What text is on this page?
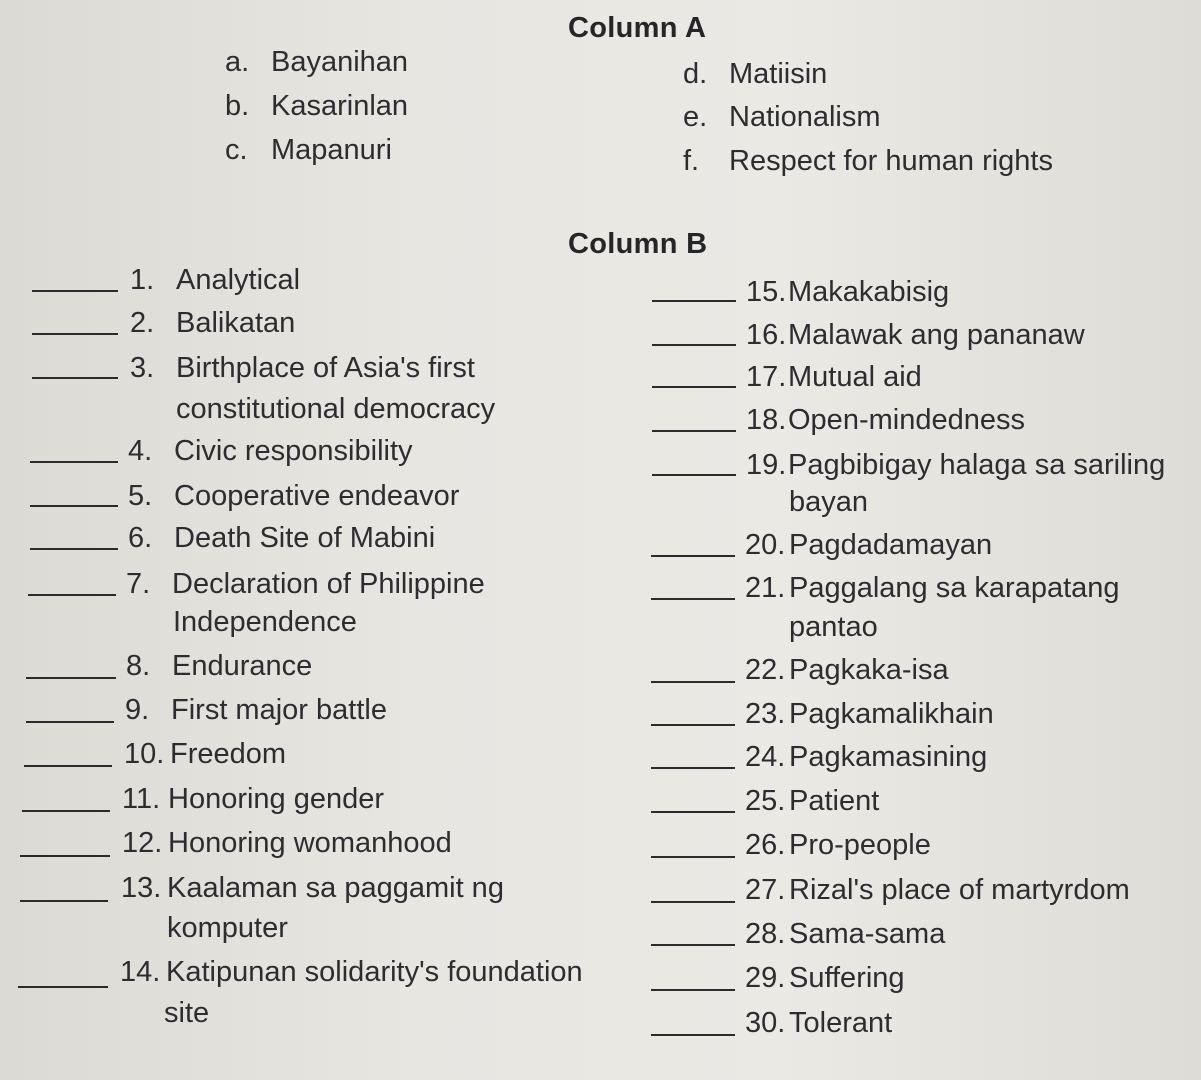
Column A
a. Bayanihan
b. Kasarinlan
c. Mapanuri
d. Matiisin
e. Nationalism
f. Respect for human rights
Column B
1. Analytical
2. Balikatan
3. Birthplace of Asia's first
constitutional democracy
4. Civic responsibility
5. Cooperative endeavor
6. Death Site of Mabini
7. Declaration of Philippine
Independence
8. Endurance
9. First major battle
10. Freedom
11. Honoring gender
12. Honoring womanhood
13. Kaalaman sa paggamit ng
komputer
14. Katipunan solidarity's foundation
site
15.Makakabisig
16.Malawak ang pananaw
17.Mutual aid
18.Open-mindedness
19.Pagbibigay halaga sa sariling
bayan
20. Pagdadamayan
21. Paggalang sa karapatang
pantao
22. Pagkaka-isa
23. Pagkamalikhain
24. Pagkamasining
25. Patient
26. Pro-people
27. Rizal's place of martyrdom
28. Sama-sama
29. Suffering
30. Tolerant
